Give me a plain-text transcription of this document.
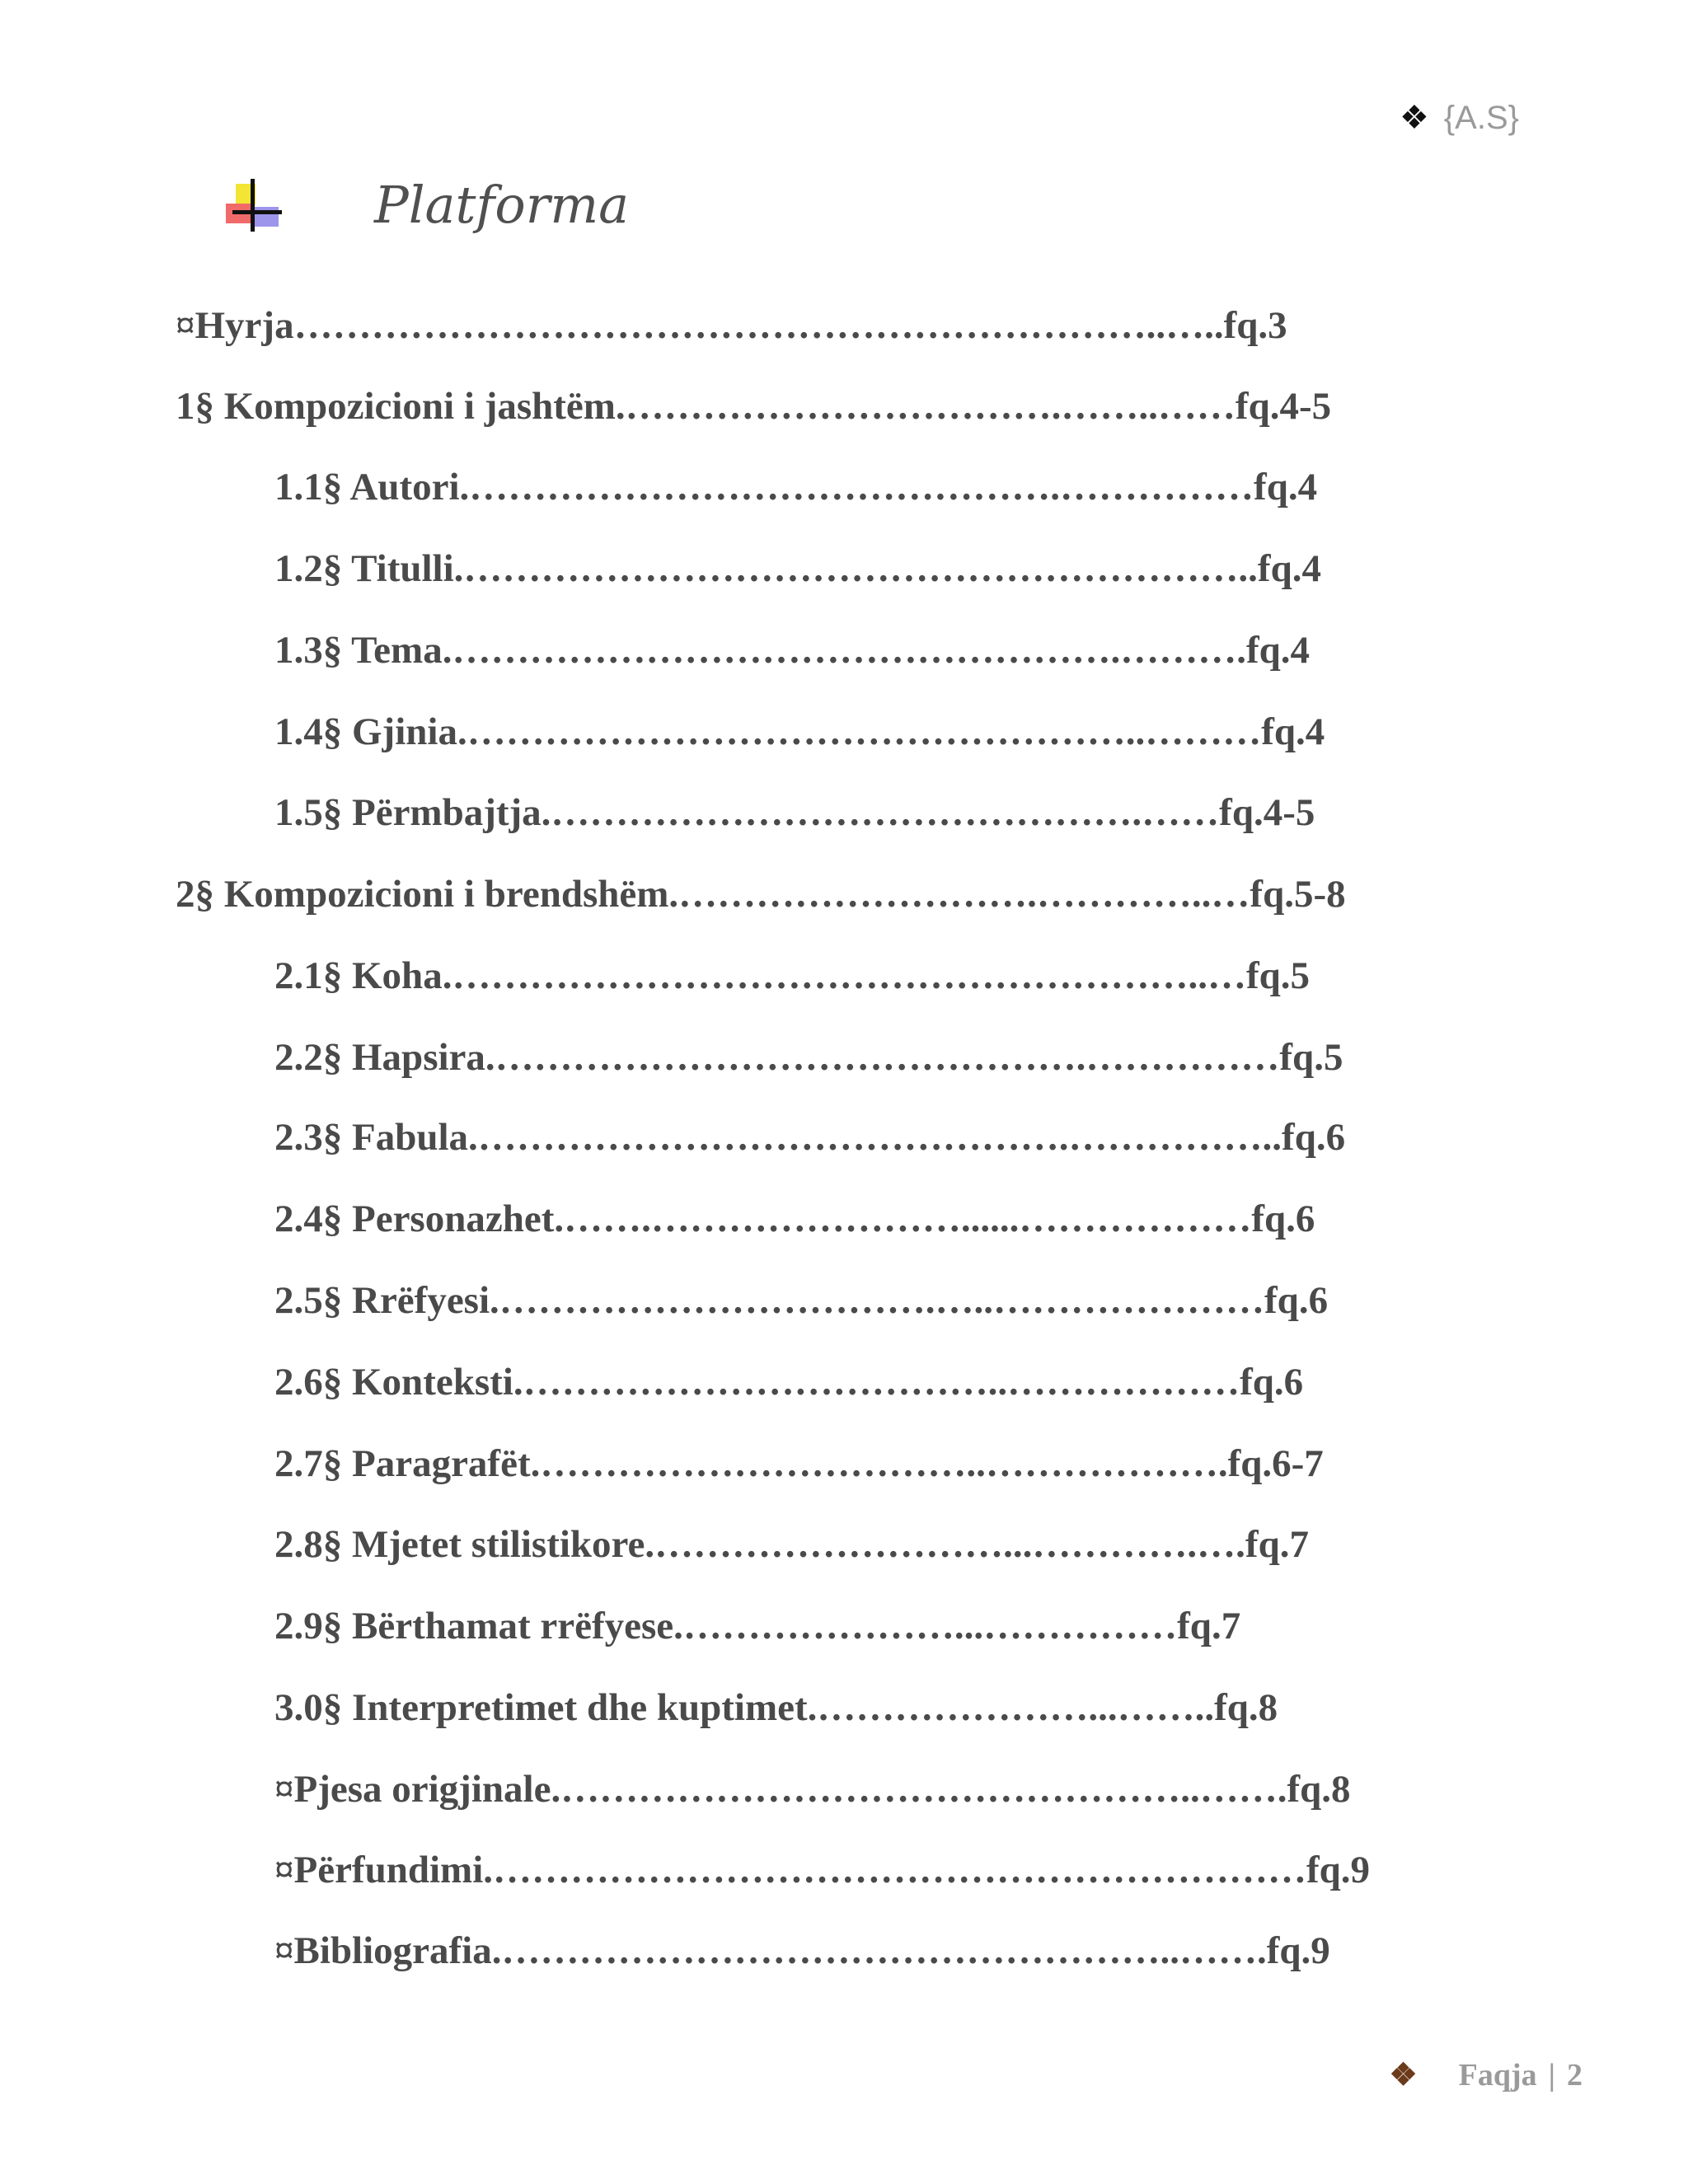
❖ {A.S}
Platforma
¤Hyrja…………………………………………………………..…..fq.3
1§ Kompozicioni i jashtëm.…………………………….……..……fq.4-5
1.1§ Autori.……………………………………….……………fq.4
1.2§ Titulli.……………………………………………………..fq.4
1.3§ Tema.…………………………………………….……….fq.4
1.4§ Gjinia.……………………………………………..………fq.4
1.5§ Përmbajtja.……………………………………….……fq.4-5
2§ Kompozicioni i brendshëm.……………………….…………..…fq.5-8
2.1§ Koha.…………………………………………………..…fq.5
2.2§ Hapsira.……………………………………….……………fq.5
2.3§ Fabula.……………………………………….……………..fq.6
2.4§ Personazhet.…….……………………......………………fq.6
2.5§ Rrëfyesi.…………………………….…..…………………fq.6
2.6§ Konteksti.………………………………..………………fq.6
2.7§ Paragrafët.……………………………..……………….fq.6-7
2.8§ Mjetet stilistikore.………………………...………….….fq.7
2.9§ Bërthamat rrëfyese.…………………...……………fq.7
3.0§ Interpretimet dhe kuptimet.…………………...……..fq.8
¤Pjesa origjinale.…………………………………………..…….fq.8
¤Përfundimi.………………………………………………………fq.9
¤Bibliografia.……………………………………………..…….fq.9
❖ Faqja | 2
